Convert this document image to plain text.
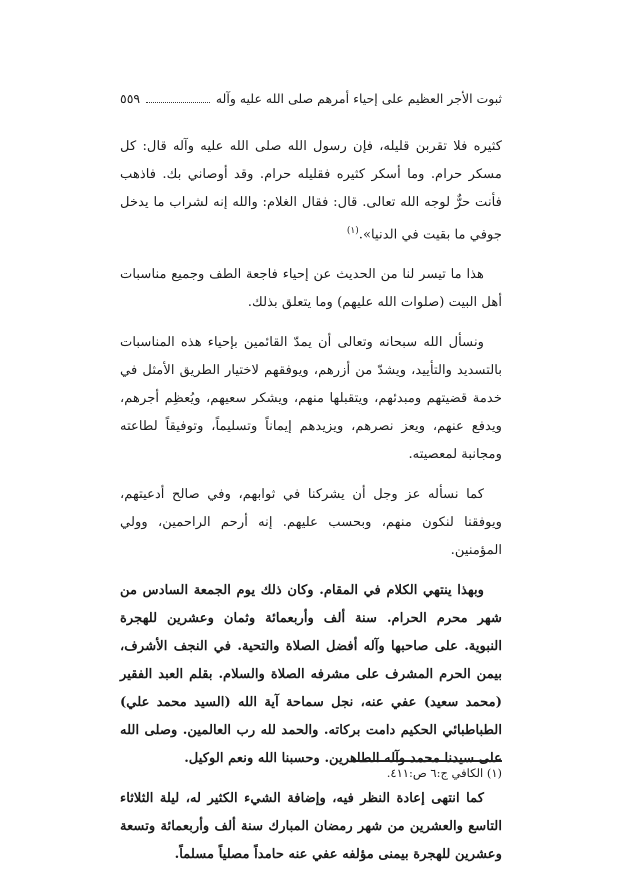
ثبوت الأجر العظيم على إحياء أمرهم صلى الله عليه وآله
٥٥٩

كثيره فلا تقربن قليله، فإن رسول الله صلى الله عليه وآله قال: كل مسكر حرام. وما أسكر كثيره فقليله حرام. وقد أوصاني بك. فاذهب فأنت حرٌّ لوجه الله تعالى. قال: فقال الغلام: والله إنه لشراب ما يدخل جوفي ما بقيت في الدنيا».$^{(١)}$

هذا ما تيسر لنا من الحديث عن إحياء فاجعة الطف وجميع مناسبات أهل البيت (صلوات الله عليهم) وما يتعلق بذلك.

ونسأل الله سبحانه وتعالى أن يمدّ القائمين بإحياء هذه المناسبات بالتسديد والتأييد، ويشدّ من أزرهم، ويوفقهم لاختيار الطريق الأمثل في خدمة قضيتهم ومبدئهم، ويتقبلها منهم، ويشكر سعيهم، ويُعظِم أجرهم، ويدفع عنهم، ويعز نصرهم، ويزيدهم إيماناً وتسليماً، وتوفيقاً لطاعته ومجانبة لمعصيته.

كما نسأله عز وجل أن يشركنا في ثوابهم، وفي صالح أدعيتهم، ويوفقنا لنكون منهم، وبحسب عليهم. إنه أرحم الراحمين، وولي المؤمنين.

وبهذا ينتهي الكلام في المقام. وكان ذلك يوم الجمعة السادس من شهر محرم الحرام. سنة ألف وأربعمائة وثمان وعشرين للهجرة النبوية. على صاحبها وآله أفضل الصلاة والتحية. في النجف الأشرف، بيمن الحرم المشرف على مشرفه الصلاة والسلام. بقلم العبد الفقير (محمد سعيد) عفي عنه، نجل سماحة آية الله (السيد محمد علي) الطباطبائي الحكيم دامت بركاته. والحمد لله رب العالمين. وصلى الله على سيدنا محمد وآله الطاهرين. وحسبنا الله ونعم الوكيل.

كما انتهى إعادة النظر فيه، وإضافة الشيء الكثير له، ليلة الثلاثاء التاسع والعشرين من شهر رمضان المبارك سنة ألف وأربعمائة وتسعة وعشرين للهجرة بيمنى مؤلفه عفي عنه حامداً مصلياً مسلماً.

(١) الكافي ج:٦ ص:٤١١.
